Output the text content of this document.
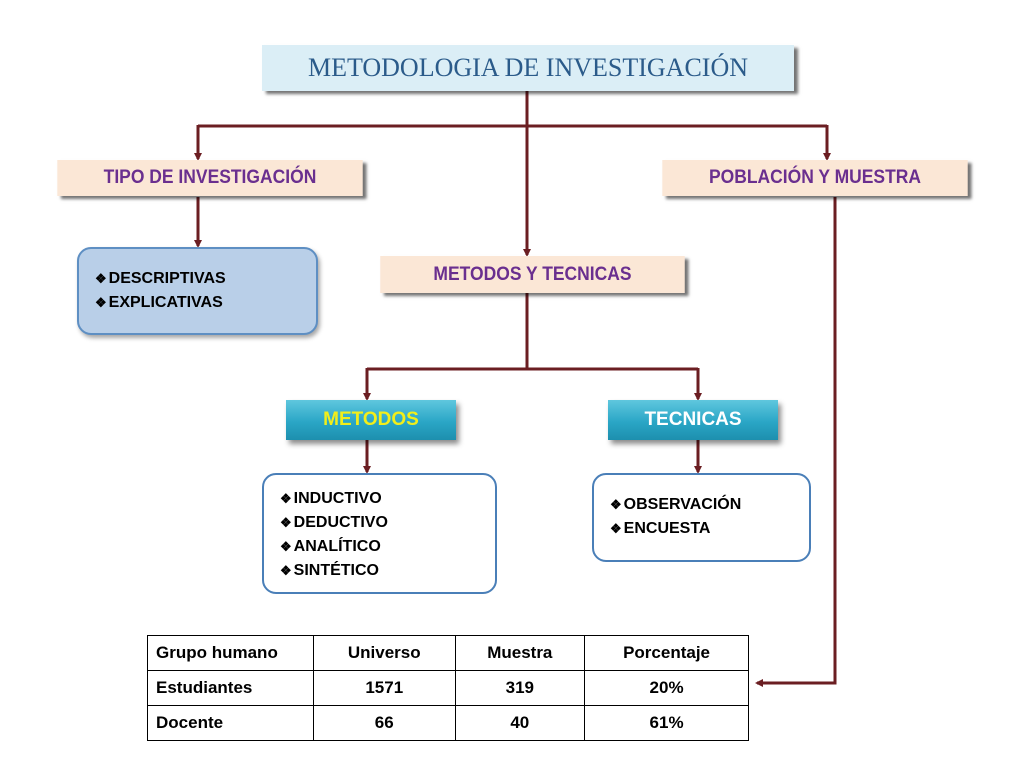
METODOLOGIA DE INVESTIGACIÓN
TIPO DE INVESTIGACIÓN	POBLACIÓN Y MUESTRA
METODOS Y TECNICAS
❖ DESCRIPTIVAS
❖ EXPLICATIVAS
METODOS	TECNICAS
❖ INDUCTIVO
❖ DEDUCTIVO
❖ ANALÍTICO
❖ SINTÉTICO
❖ OBSERVACIÓN
❖ ENCUESTA
Grupo humano	Universo	Muestra	Porcentaje
Estudiantes	1571	319	20%
Docente	66	40	61%
